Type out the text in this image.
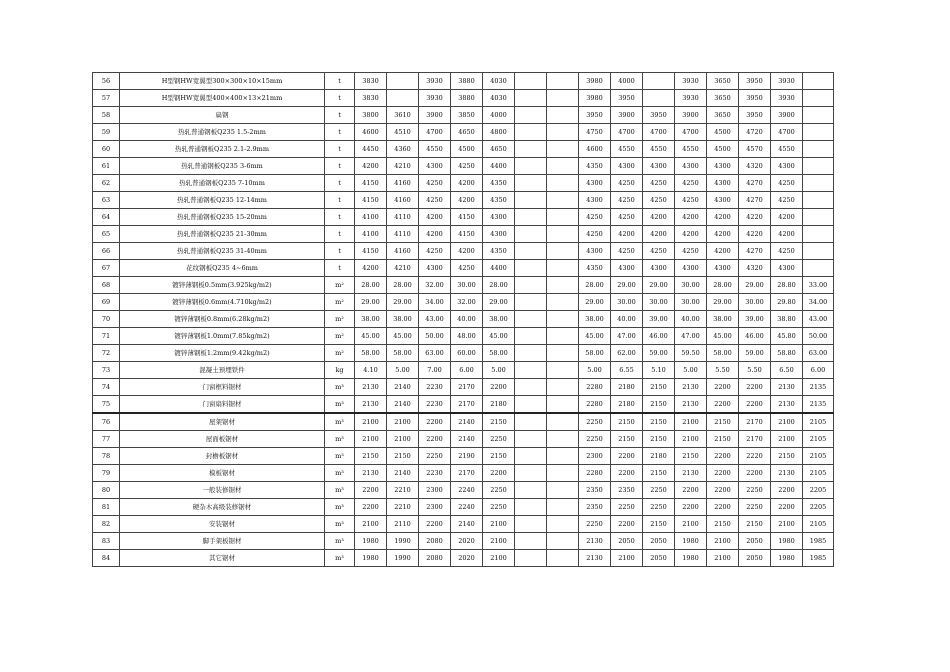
56	H型钢HW宽翼型300×300×10×15mm	t	3830		3930	3880	4030			3980	4000		3930	3650	3950	3930		
57	H型钢HW宽翼型400×400×13×21mm	t	3830		3930	3880	4030			3980	3950		3930	3650	3950	3930		
58	扁钢	t	3800	3610	3900	3850	4000			3950	3900	3950	3900	3650	3950	3900		
59	热轧普通钢板Q235 1.5-2mm	t	4600	4510	4700	4650	4800			4750	4700	4700	4700	4500	4720	4700		
60	热轧普通钢板Q235 2.1-2.9mm	t	4450	4360	4550	4500	4650			4600	4550	4550	4550	4500	4570	4550		
61	热轧普通钢板Q235 3-6mm	t	4200	4210	4300	4250	4400			4350	4300	4300	4300	4300	4320	4300		
62	热轧普通钢板Q235 7-10mm	t	4150	4160	4250	4200	4350			4300	4250	4250	4250	4300	4270	4250		
63	热轧普通钢板Q235 12-14mm	t	4150	4160	4250	4200	4350			4300	4250	4250	4250	4300	4270	4250		
64	热轧普通钢板Q235 15-20mm	t	4100	4110	4200	4150	4300			4250	4250	4200	4200	4200	4220	4200		
65	热轧普通钢板Q235 21-30mm	t	4100	4110	4200	4150	4300			4250	4200	4200	4200	4200	4220	4200		
66	热轧普通钢板Q235 31-40mm	t	4150	4160	4250	4200	4350			4300	4250	4250	4250	4200	4270	4250		
67	花纹钢板Q235 4~6mm	t	4200	4210	4300	4250	4400			4350	4300	4300	4300	4300	4320	4300		
68	镀锌薄钢板0.5mm(3.925kg/m2)	m²	28.00	28.00	32.00	30.00	28.00			28.00	29.00	29.00	30.00	28.00	29.00	28.80	33.00	
69	镀锌薄钢板0.6mm(4.710kg/m2)	m²	29.00	29.00	34.00	32.00	29.00			29.00	30.00	30.00	30.00	29.00	30.00	29.80	34.00	
70	镀锌薄钢板0.8mm(6.28kg/m2)	m²	38.00	38.00	43.00	40.00	38.00			38.00	40.00	39.00	40.00	38.00	39.00	38.80	43.00	
71	镀锌薄钢板1.0mm(7.85kg/m2)	m²	45.00	45.00	50.00	48.00	45.00			45.00	47.00	46.00	47.00	45.00	46.00	45.80	50.00	
72	镀锌薄钢板1.2mm(9.42kg/m2)	m²	58.00	58.00	63.00	60.00	58.00			58.00	62.00	59.00	59.50	58.00	59.00	58.80	63.00	
73	混凝土预埋铁件	kg	4.10	5.00	7.00	6.00	5.00			5.00	6.55	5.10	5.00	5.50	5.50	6.50	6.00	
74	门窗框料锯材	m³	2130	2140	2230	2170	2200			2280	2180	2150	2130	2200	2200	2130	2135	
75	门窗扇料锯材	m³	2130	2140	2230	2170	2180			2280	2180	2150	2130	2200	2200	2130	2135	
76	屋架锯材	m³	2100	2100	2200	2140	2150			2250	2150	2150	2100	2150	2170	2100	2105	
77	屋面板锯材	m³	2100	2100	2200	2140	2250			2250	2150	2150	2100	2150	2170	2100	2105	
78	封檐板锯材	m³	2150	2150	2250	2190	2150			2300	2200	2180	2150	2200	2220	2150	2105	
79	模板锯材	m³	2130	2140	2230	2170	2200			2280	2200	2150	2130	2200	2200	2130	2105	
80	一般装修锯材	m³	2200	2210	2300	2240	2250			2350	2350	2250	2200	2200	2250	2200	2205	
81	硬杂木高级装修锯材	m³	2200	2210	2300	2240	2250			2350	2250	2250	2200	2200	2250	2200	2205	
82	安装锯材	m³	2100	2110	2200	2140	2100			2250	2200	2150	2100	2150	2150	2100	2105	
83	脚手架板锯材	m³	1980	1990	2080	2020	2100			2130	2050	2050	1980	2100	2050	1980	1985	
84	其它锯材	m³	1980	1990	2080	2020	2100			2130	2100	2050	1980	2100	2050	1980	1985	
